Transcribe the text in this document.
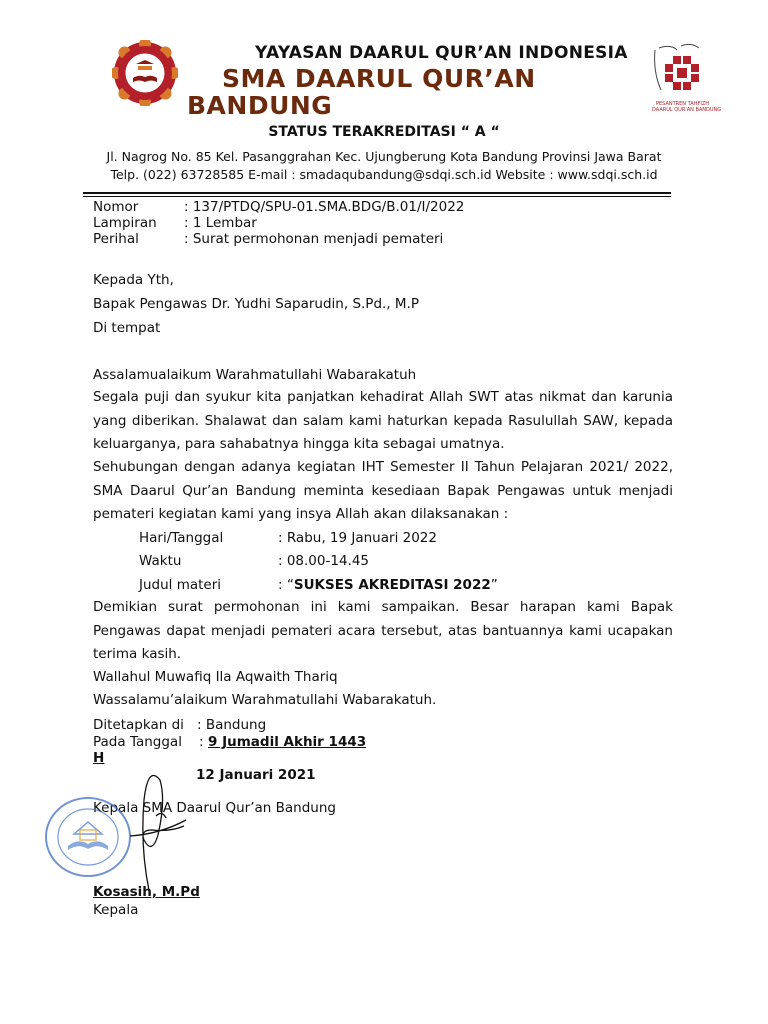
PESANTREN TAHFIZH
DAARUL QUR'AN BANDUNG
YAYASAN DAARUL QUR’AN INDONESIA
SMA DAARUL QUR’AN
BANDUNG
STATUS TERAKREDITASI “ A “
Jl. Nagrog No. 85 Kel. Pasanggrahan Kec. Ujungberung Kota Bandung Provinsi Jawa Barat
Telp. (022) 63728585 E-mail : smadaqubandung@sdqi.sch.id Website : www.sdqi.sch.id
Nomor	: 137/PTDQ/SPU-01.SMA.BDG/B.01/I/2022
Lampiran : 1 Lembar
Perihal	: Surat permohonan menjadi pemateri
Kepada Yth,
Bapak Pengawas Dr. Yudhi Saparudin, S.Pd., M.P
Di tempat
Assalamualaikum Warahmatullahi Wabarakatuh
Segala puji dan syukur kita panjatkan kehadirat Allah SWT atas nikmat dan karunia yang diberikan. Shalawat dan salam kami haturkan kepada Rasulullah SAW, kepada keluarganya, para sahabatnya hingga kita sebagai umatnya.
Sehubungan dengan adanya kegiatan IHT Semester II Tahun Pelajaran 2021/ 2022, SMA Daarul Qur’an Bandung meminta kesediaan Bapak Pengawas untuk menjadi pemateri kegiatan kami yang insya Allah akan dilaksanakan :
Hari/Tanggal	: Rabu, 19 Januari 2022
Waktu	: 08.00-14.45
Judul materi	: “SUKSES AKREDITASI 2022”
Demikian surat permohonan ini kami sampaikan. Besar harapan kami Bapak Pengawas dapat menjadi pemateri acara tersebut, atas bantuannya kami ucapakan terima kasih.
Wallahul Muwafiq Ila Aqwaith Thariq
Wassalamu’alaikum Warahmatullahi Wabarakatuh.
Ditetapkan di : Bandung
Pada Tanggal : 9 Jumadil Akhir 1443
H
12 Januari 2021
Kepala SMA Daarul Qur’an Bandung
Kosasih, M.Pd
Kepala
